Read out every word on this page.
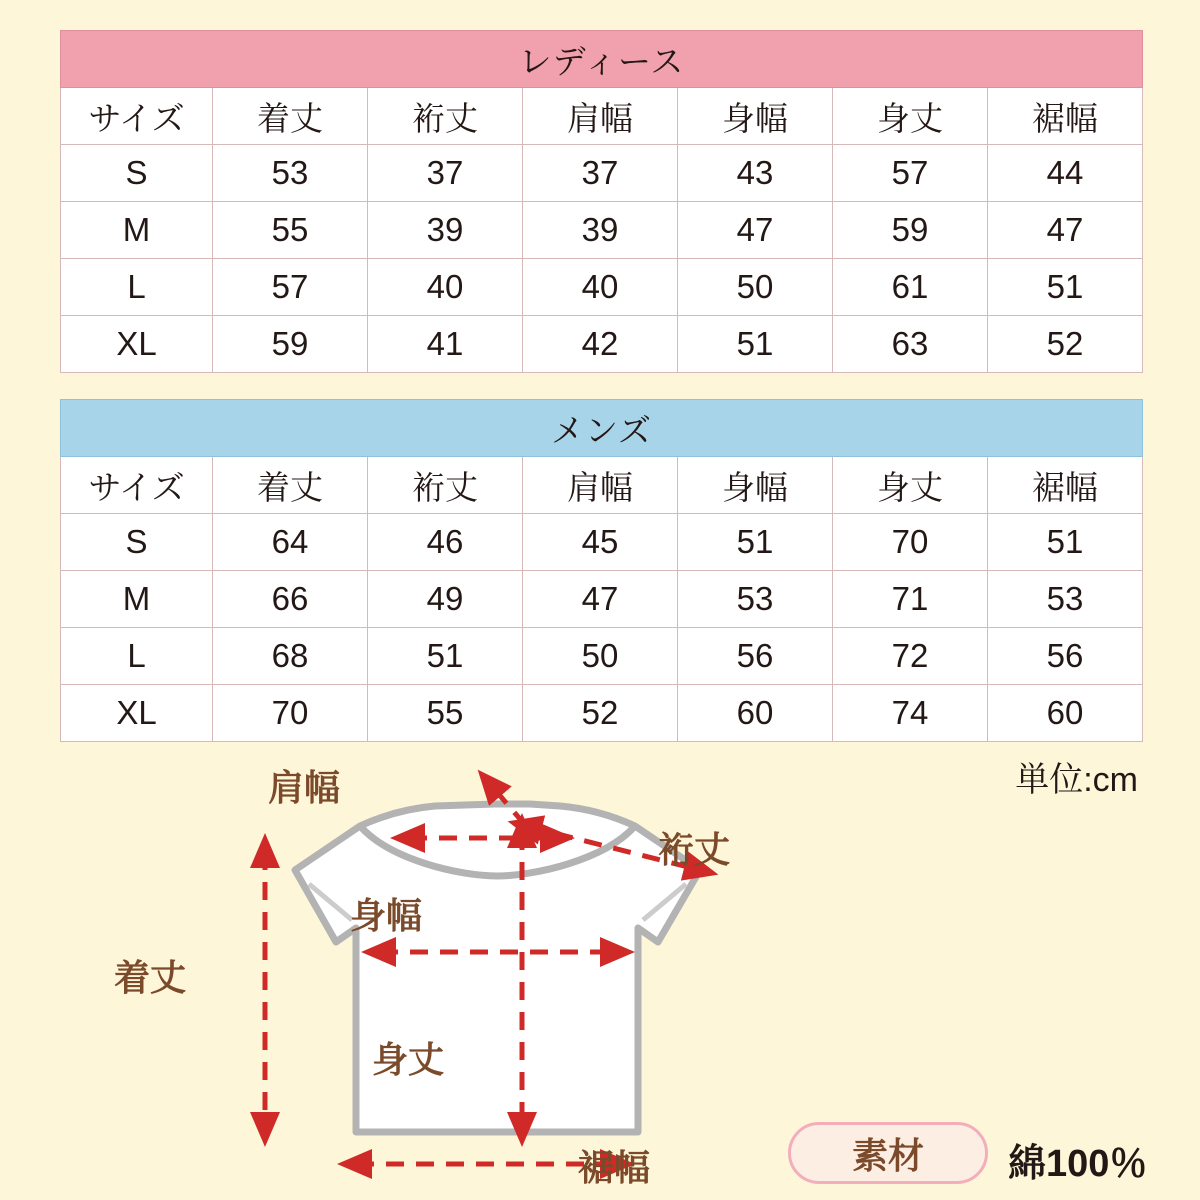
レディース						
サイズ	着丈	裄丈	肩幅	身幅	身丈	裾幅
S	53	37	37	43	57	44
M	55	39	39	47	59	47
L	57	40	40	50	61	51
XL	59	41	42	51	63	52
メンズ						
サイズ	着丈	裄丈	肩幅	身幅	身丈	裾幅
S	64	46	45	51	70	51
M	66	49	47	53	71	53
L	68	51	50	56	72	56
XL	70	55	52	60	74	60
単位:cm
肩幅
裄丈
身幅
着丈
身丈
裾幅	素材	綿100％
